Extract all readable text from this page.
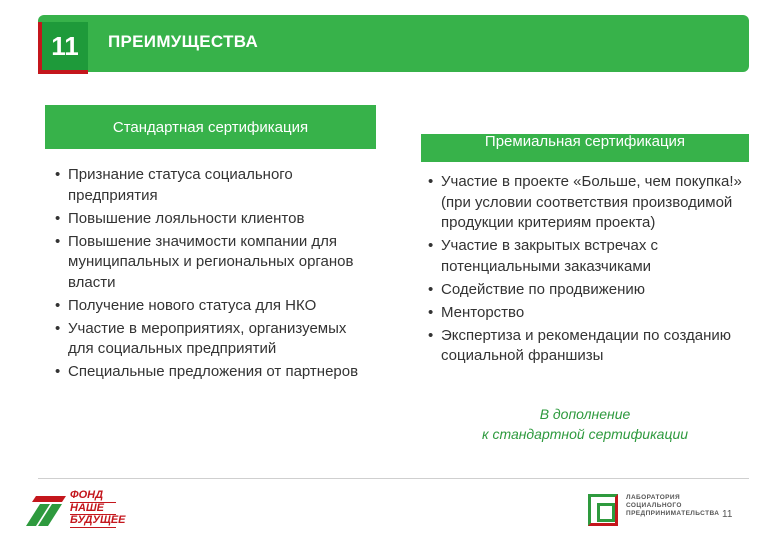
11 ПРЕИМУЩЕСТВА
Стандартная сертификация
• Признание статуса социального предприятия
• Повышение лояльности клиентов
• Повышение значимости компании для муниципальных и региональных органов власти
• Получение нового статуса для НКО
• Участие в мероприятиях, организуемых для социальных предприятий
• Специальные предложения от партнеров
Премиальная сертификация
• Участие в проекте «Больше, чем покупка!» (при условии соответствия производимой продукции критериям проекта)
• Участие в закрытых встречах с потенциальными заказчиками
• Содействие по продвижению
• Менторство
• Экспертиза и рекомендации по созданию социальной франшизы
В дополнение
к стандартной сертификации
ФОНД
НАШЕ
БУДУЩЕЕ
ЛАБОРАТОРИЯ
СОЦИАЛЬНОГО
ПРЕДПРИНИМАТЕЛЬСТВА 11
